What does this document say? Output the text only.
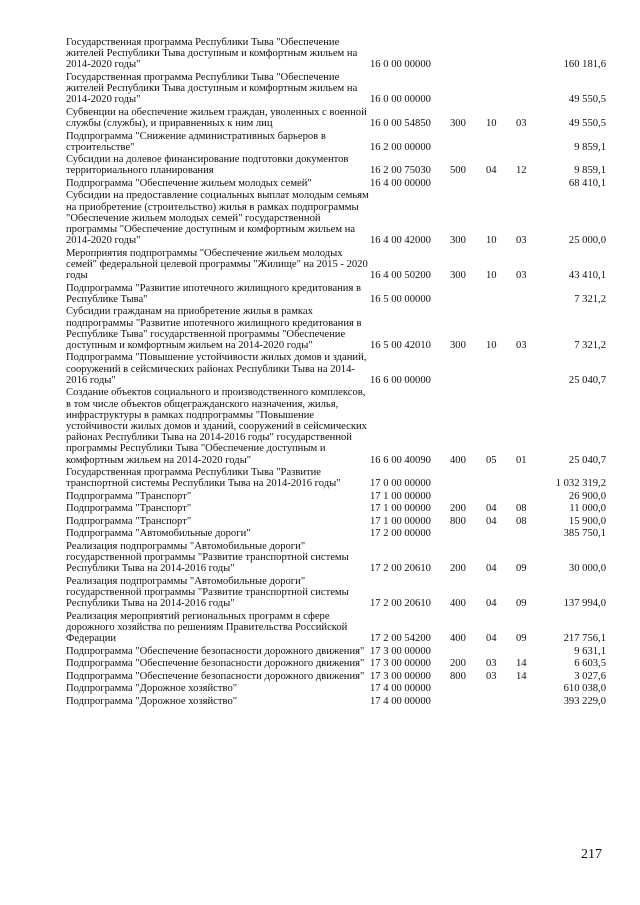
Государственная программа Республики Тыва "Обеспечение жителей Республики Тыва доступным и комфортным жильем на 2014-2020 годы"	16 0 00 00000				160 181,6
Государственная программа Республики Тыва "Обеспечение жителей Республики Тыва доступным и комфортным жильем на 2014-2020 годы"	16 0 00 00000				49 550,5
Субвенции на обеспечение жильем граждан, уволенных с военной службы (службы), и приравненных к ним лиц	16 0 00 54850	300	10	03	49 550,5
Подпрограмма "Снижение административных барьеров в строительстве"	16 2 00 00000				9 859,1
Субсидии на долевое финансирование подготовки документов территориального планирования	16 2 00 75030	500	04	12	9 859,1
Подпрограмма "Обеспечение жильем молодых семей"	16 4 00 00000				68 410,1
Субсидии на предоставление социальных выплат молодым семьям на приобретение (строительство) жилья в рамках подпрограммы "Обеспечение жильем молодых семей" государственной программы "Обеспечение доступным и комфортным жильем на 2014-2020 годы"	16 4 00 42000	300	10	03	25 000,0
Мероприятия подпрограммы "Обеспечение жильем молодых семей" федеральной целевой программы "Жилище" на 2015 - 2020 годы	16 4 00 50200	300	10	03	43 410,1
Подпрограмма "Развитие ипотечного жилищного кредитования в Республике Тыва"	16 5 00 00000				7 321,2
Субсидии гражданам на приобретение жилья в рамках подпрограммы "Развитие ипотечного жилищного кредитования в Республике Тыва" государственной программы "Обеспечение доступным и комфортным жильем на 2014-2020 годы"	16 5 00 42010	300	10	03	7 321,2
Подпрограмма "Повышение устойчивости жилых домов и зданий, сооружений в сейсмических районах Республики Тыва на 2014-2016 годы"	16 6 00 00000				25 040,7
Создание объектов социального и производственного комплексов, в том числе объектов общегражданского назначения, жилья, инфраструктуры в рамках подпрограммы "Повышение устойчивости жилых домов и зданий, сооружений в сейсмических районах Республики Тыва на 2014-2016 годы" государственной программы Республики Тыва "Обеспечение доступным и комфортным жильем на 2014-2020 годы"	16 6 00 40090	400	05	01	25 040,7
Государственная программа Республики Тыва "Развитие транспортной системы Республики Тыва на 2014-2016 годы"	17 0 00 00000				1 032 319,2
Подпрограмма "Транспорт"	17 1 00 00000				26 900,0
Подпрограмма "Транспорт"	17 1 00 00000	200	04	08	11 000,0
Подпрограмма "Транспорт"	17 1 00 00000	800	04	08	15 900,0
Подпрограмма "Автомобильные дороги"	17 2 00 00000				385 750,1
Реализация подпрограммы "Автомобильные дороги" государственной программы "Развитие транспортной системы Республики Тыва на 2014-2016 годы"	17 2 00 20610	200	04	09	30 000,0
Реализация подпрограммы "Автомобильные дороги" государственной программы "Развитие транспортной системы Республики Тыва на 2014-2016 годы"	17 2 00 20610	400	04	09	137 994,0
Реализация мероприятий региональных программ в сфере дорожного хозяйства по решениям Правительства Российской Федерации	17 2 00 54200	400	04	09	217 756,1
Подпрограмма "Обеспечение безопасности дорожного движения"	17 3 00 00000				9 631,1
Подпрограмма "Обеспечение безопасности дорожного движения"	17 3 00 00000	200	03	14	6 603,5
Подпрограмма "Обеспечение безопасности дорожного движения"	17 3 00 00000	800	03	14	3 027,6
Подпрограмма "Дорожное хозяйство"	17 4 00 00000				610 038,0
Подпрограмма "Дорожное хозяйство"	17 4 00 00000				393 229,0
217
